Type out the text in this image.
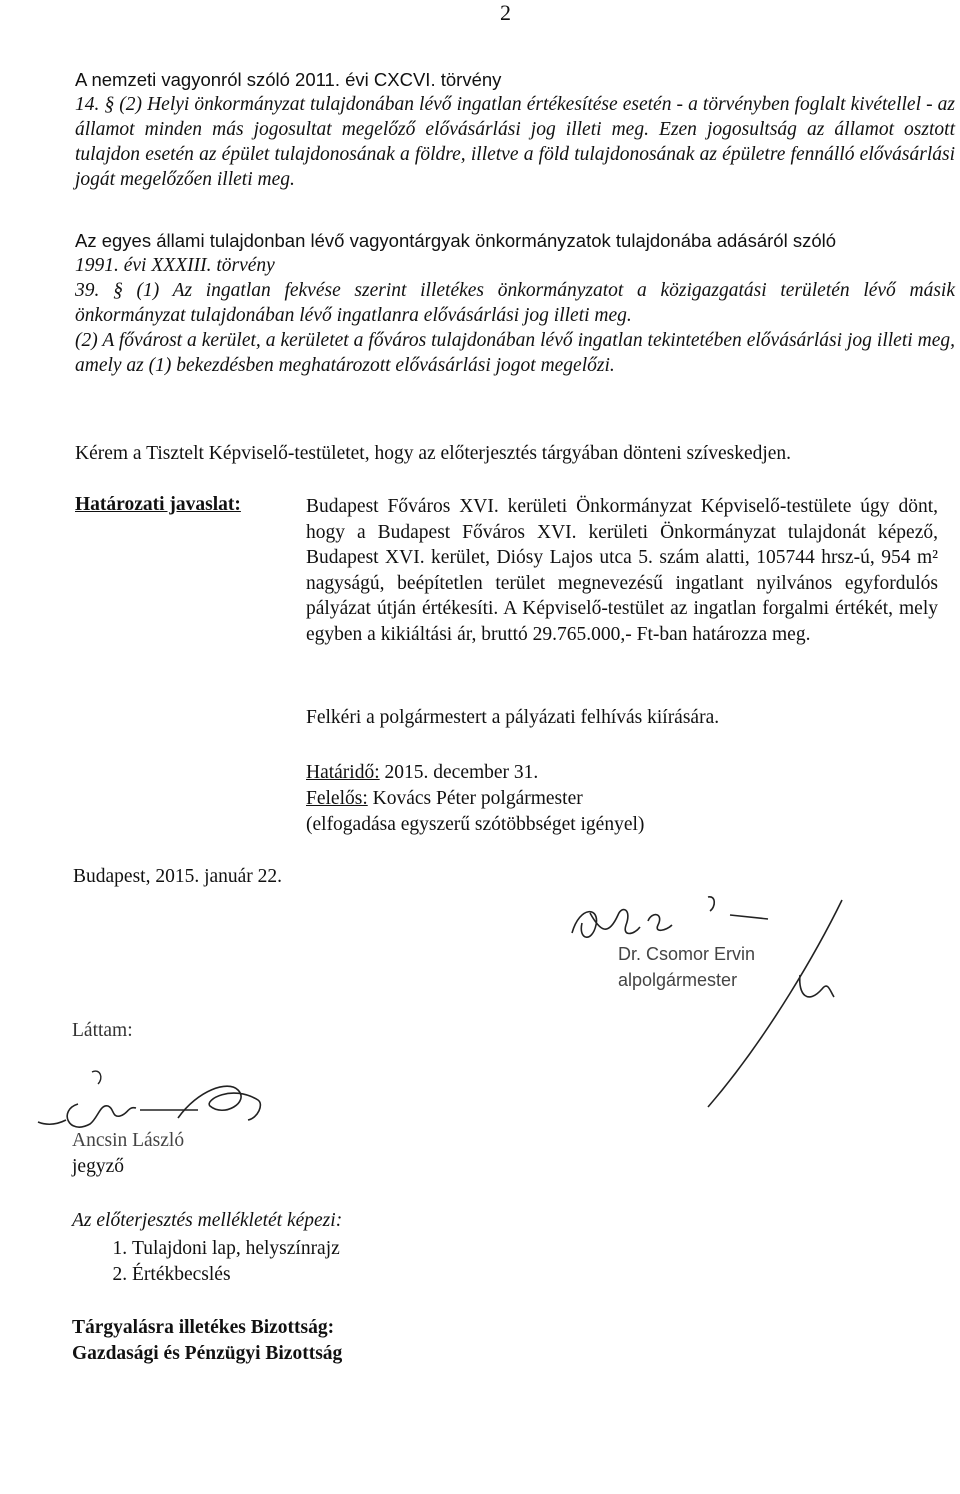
2

A nemzeti vagyonról szóló 2011. évi CXCVI. törvény

14. § (2) Helyi önkormányzat tulajdonában lévő ingatlan értékesítése esetén - a törvényben foglalt kivétellel - az államot minden más jogosultat megelőző elővásárlási jog illeti meg. Ezen jogosultság az államot osztott tulajdon esetén az épület tulajdonosának a földre, illetve a föld tulajdonosának az épületre fennálló elővásárlási jogát megelőzően illeti meg.

Az egyes állami tulajdonban lévő vagyontárgyak önkormányzatok tulajdonába adásáról szóló

1991. évi XXXIII. törvény

39. § (1) Az ingatlan fekvése szerint illetékes önkormányzatot a közigazgatási területén lévő másik önkormányzat tulajdonában lévő ingatlanra elővásárlási jog illeti meg.

(2) A fővárost a kerület, a kerületet a főváros tulajdonában lévő ingatlan tekintetében elővásárlási jog illeti meg, amely az (1) bekezdésben meghatározott elővásárlási jogot megelőzi.

Kérem a Tisztelt Képviselő-testületet, hogy az előterjesztés tárgyában dönteni szíveskedjen.
Határozati javaslat:	Budapest Főváros XVI. kerületi Önkormányzat Képviselő-testülete úgy dönt, hogy a Budapest Főváros XVI. kerületi Önkormányzat tulajdonát képező, Budapest XVI. kerület, Diósy Lajos utca 5. szám alatti, 105744 hrsz-ú, 954 m² nagyságú, beépítetlen terület megnevezésű ingatlant nyilvános egyfordulós pályázat útján értékesíti. A Képviselő-testület az ingatlan forgalmi értékét, mely egyben a kikiáltási ár, bruttó 29.765.000,- Ft-ban határozza meg.
Felkéri a polgármestert a pályázati felhívás kiírására.
Határidő: 2015. december 31.
Felelős: Kovács Péter polgármester
(elfogadása egyszerű szótöbbséget igényel)
Budapest, 2015. január 22.
Dr. Csomor Ervin
alpolgármester
Láttam:
Ancsin László
jegyző
Az előterjesztés mellékletét képezi:
1. Tulajdoni lap, helyszínrajz
2. Értékbecslés
Tárgyalásra illetékes Bizottság:
Gazdasági és Pénzügyi Bizottság
